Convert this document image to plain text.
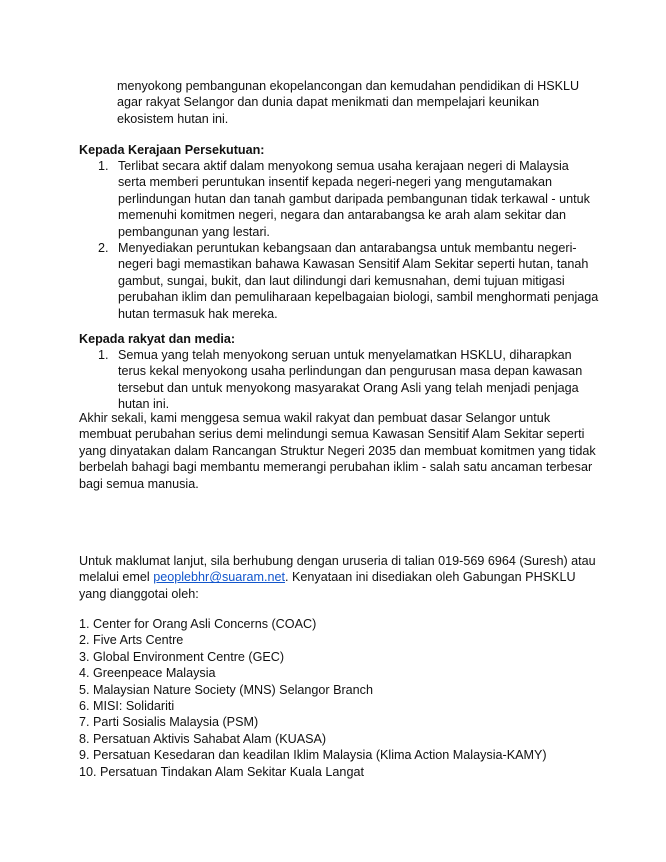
menyokong pembangunan ekopelancongan dan kemudahan pendidikan di HSKLU agar rakyat Selangor dan dunia dapat menikmati dan mempelajari keunikan ekosistem hutan ini.

Kepada Kerajaan Persekutuan:

1. Terlibat secara aktif dalam menyokong semua usaha kerajaan negeri di Malaysia serta memberi peruntukan insentif kepada negeri-negeri yang mengutamakan perlindungan hutan dan tanah gambut daripada pembangunan tidak terkawal - untuk memenuhi komitmen negeri, negara dan antarabangsa ke arah alam sekitar dan pembangunan yang lestari.
2. Menyediakan peruntukan kebangsaan dan antarabangsa untuk membantu negeri-negeri bagi memastikan bahawa Kawasan Sensitif Alam Sekitar seperti hutan, tanah gambut, sungai, bukit, dan laut dilindungi dari kemusnahan, demi tujuan mitigasi perubahan iklim dan pemuliharaan kepelbagaian biologi, sambil menghormati penjaga hutan termasuk hak mereka.

Kepada rakyat dan media:

1. Semua yang telah menyokong seruan untuk menyelamatkan HSKLU, diharapkan terus kekal menyokong usaha perlindungan dan pengurusan masa depan kawasan tersebut dan untuk menyokong masyarakat Orang Asli yang telah menjadi penjaga hutan ini.

Akhir sekali, kami menggesa semua wakil rakyat dan pembuat dasar Selangor untuk membuat perubahan serius demi melindungi semua Kawasan Sensitif Alam Sekitar seperti yang dinyatakan dalam Rancangan Struktur Negeri 2035 dan membuat komitmen yang tidak berbelah bahagi bagi membantu memerangi perubahan iklim - salah satu ancaman terbesar bagi semua manusia.

Untuk maklumat lanjut, sila berhubung dengan uruseria di talian 019-569 6964 (Suresh) atau melalui emel peoplebhr@suaram.net. Kenyataan ini disediakan oleh Gabungan PHSKLU yang dianggotai oleh:

1. Center for Orang Asli Concerns (COAC)

2. Five Arts Centre

3. Global Environment Centre (GEC)

4. Greenpeace Malaysia

5. Malaysian Nature Society (MNS) Selangor Branch

6. MISI: Solidariti

7. Parti Sosialis Malaysia (PSM)

8. Persatuan Aktivis Sahabat Alam (KUASA)

9. Persatuan Kesedaran dan keadilan Iklim Malaysia (Klima Action Malaysia-KAMY)

10. Persatuan Tindakan Alam Sekitar Kuala Langat
